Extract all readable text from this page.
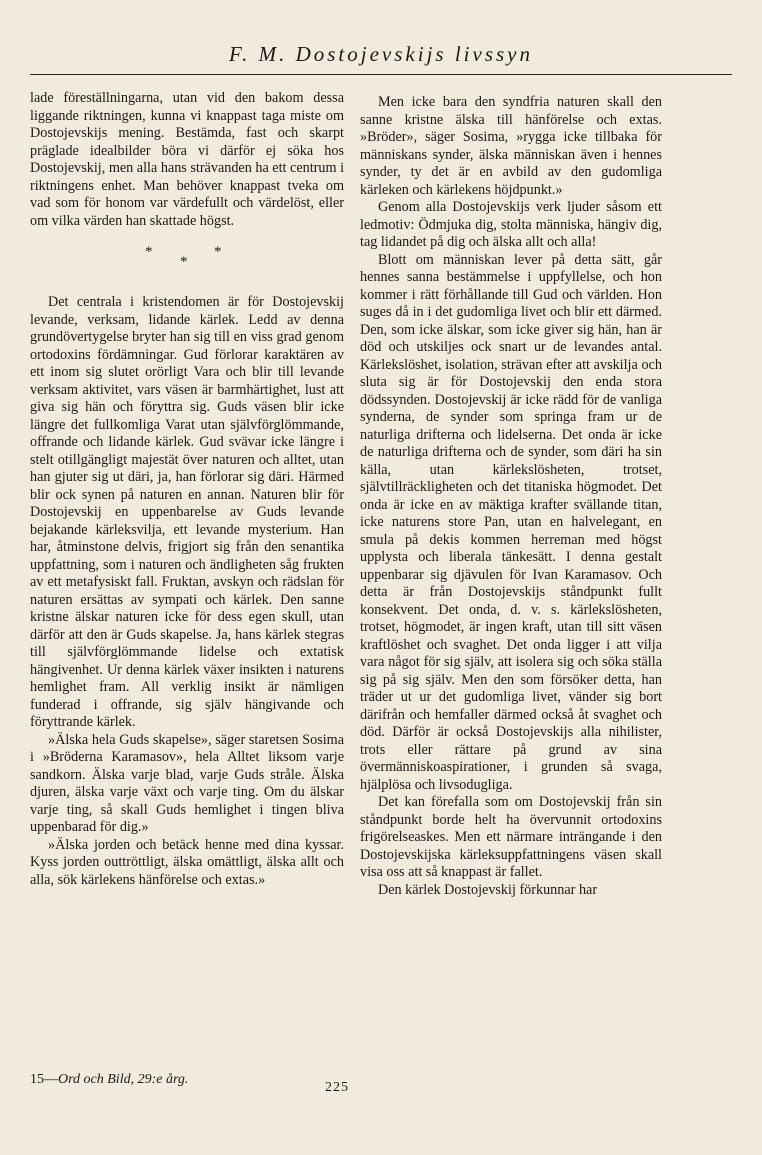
F. M. Dostojevskijs livssyn

lade föreställningarna, utan vid den bakom dessa liggande riktningen, kunna vi knappast taga miste om Dostojevskijs mening. Bestämda, fast och skarpt präglade idealbilder böra vi därför ej söka hos Dostojevskij, men alla hans strävanden ha ett centrum i riktningens enhet. Man behöver knappast tveka om vad som för honom var värdefullt och värdelöst, eller om vilka värden han skattade högst.

*
*
*

Det centrala i kristendomen är för Dostojevskij levande, verksam, lidande kärlek. Ledd av denna grundövertygelse bryter han sig till en viss grad genom ortodoxins fördämningar. Gud förlorar karaktären av ett inom sig slutet orörligt Vara och blir till levande verksam aktivitet, vars väsen är barmhärtighet, lust att giva sig hän och föryttra sig. Guds väsen blir icke längre det fullkomliga Varat utan självförglömmande, offrande och lidande kärlek. Gud svävar icke längre i stelt otillgängligt majestät över naturen och alltet, utan han gjuter sig ut däri, ja, han förlorar sig däri. Härmed blir ock synen på naturen en annan. Naturen blir för Dostojevskij en uppenbarelse av Guds levande bejakande kärleksvilja, ett levande mysterium. Han har, åtminstone delvis, frigjort sig från den senantika uppfattning, som i naturen och ändligheten såg frukten av ett metafysiskt fall. Fruktan, avskyn och rädslan för naturen ersättas av sympati och kärlek. Den sanne kristne älskar naturen icke för dess egen skull, utan därför att den är Guds skapelse. Ja, hans kärlek stegras till självförglömmande lidelse och extatisk hängivenhet. Ur denna kärlek växer insikten i naturens hemlighet fram. All verklig insikt är nämligen funderad i offrande, sig själv hängivande och föryttrande kärlek.

»Älska hela Guds skapelse», säger staretsen Sosima i »Bröderna Karamasov», hela Alltet liksom varje sandkorn. Älska varje blad, varje Guds stråle. Älska djuren, älska varje växt och varje ting. Om du älskar varje ting, så skall Guds hemlighet i tingen bliva uppenbarad för dig.»

»Älska jorden och betäck henne med dina kyssar. Kyss jorden outtröttligt, älska omättligt, älska allt och alla, sök kärlekens hänförelse och extas.»

Men icke bara den syndfria naturen skall den sanne kristne älska till hänförelse och extas. »Bröder», säger Sosima, »rygga icke tillbaka för människans synder, älska människan även i hennes synder, ty det är en avbild av den gudomliga kärleken och kärlekens höjdpunkt.»

Genom alla Dostojevskijs verk ljuder såsom ett ledmotiv: Ödmjuka dig, stolta människa, hängiv dig, tag lidandet på dig och älska allt och alla!

Blott om människan lever på detta sätt, går hennes sanna bestämmelse i uppfyllelse, och hon kommer i rätt förhållande till Gud och världen. Hon suges då in i det gudomliga livet och blir ett därmed. Den, som icke älskar, som icke giver sig hän, han är död och utskiljes ock snart ur de levandes antal. Kärlekslöshet, isolation, strävan efter att avskilja och sluta sig är för Dostojevskij den enda stora dödssynden. Dostojevskij är icke rädd för de vanliga synderna, de synder som springa fram ur de naturliga drifterna och lidelserna. Det onda är icke de naturliga drifterna och de synder, som däri ha sin källa, utan kärlekslösheten, trotset, självtillräckligheten och det titaniska högmodet. Det onda är icke en av mäktiga krafter svällande titan, icke naturens store Pan, utan en halvelegant, en smula på dekis kommen herreman med högst upplysta och liberala tänkesätt. I denna gestalt uppenbarar sig djävulen för Ivan Karamasov. Och detta är från Dostojevskijs ståndpunkt fullt konsekvent. Det onda, d. v. s. kärlekslösheten, trotset, högmodet, är ingen kraft, utan till sitt väsen kraftlöshet och svaghet. Det onda ligger i att vilja vara något för sig själv, att isolera sig och söka ställa sig på sig själv. Men den som försöker detta, han träder ut ur det gudomliga livet, vänder sig bort därifrån och hemfaller därmed också åt svaghet och död. Därför är också Dostojevskijs alla nihilister, trots eller rättare på grund av sina övermänniskoaspirationer, i grunden så svaga, hjälplösa och livsodugliga.

Det kan förefalla som om Dostojevskij från sin ståndpunkt borde helt ha övervunnit ortodoxins frigörelseaskes. Men ett närmare inträngande i den Dostojevskijska kärleksuppfattningens väsen skall visa oss att så knappast är fallet.

Den kärlek Dostojevskij förkunnar har

15—Ord och Bild, 29:e årg.
225
